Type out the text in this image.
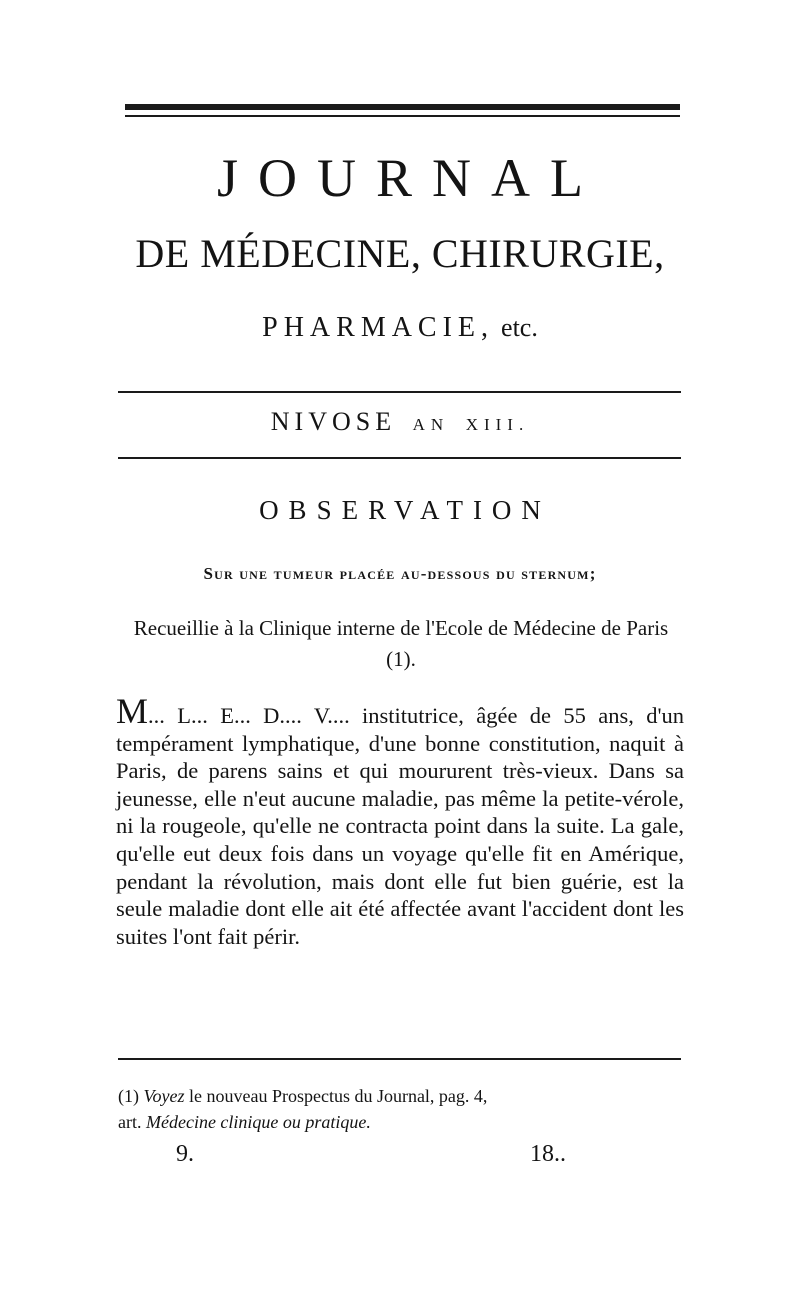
JOURNAL
DE MÉDECINE, CHIRURGIE,
PHARMACIE, etc.
NIVOSE AN XIII.
OBSERVATION
Sur une tumeur placée au-dessous du sternum;
Recueillie à la Clinique interne de l'Ecole de Médecine de Paris (1).
M... L... E... D.... V.... institutrice, âgée de 55 ans, d'un tempérament lymphatique, d'une bonne constitution, naquit à Paris, de parens sains et qui moururent très-vieux. Dans sa jeunesse, elle n'eut aucune maladie, pas même la petite-vérole, ni la rougeole, qu'elle ne contracta point dans la suite. La gale, qu'elle eut deux fois dans un voyage qu'elle fit en Amérique, pendant la révolution, mais dont elle fut bien guérie, est la seule maladie dont elle ait été affectée avant l'accident dont les suites l'ont fait périr.
(1) Voyez le nouveau Prospectus du Journal, pag. 4,
art. Médecine clinique ou pratique.
9.	18..
